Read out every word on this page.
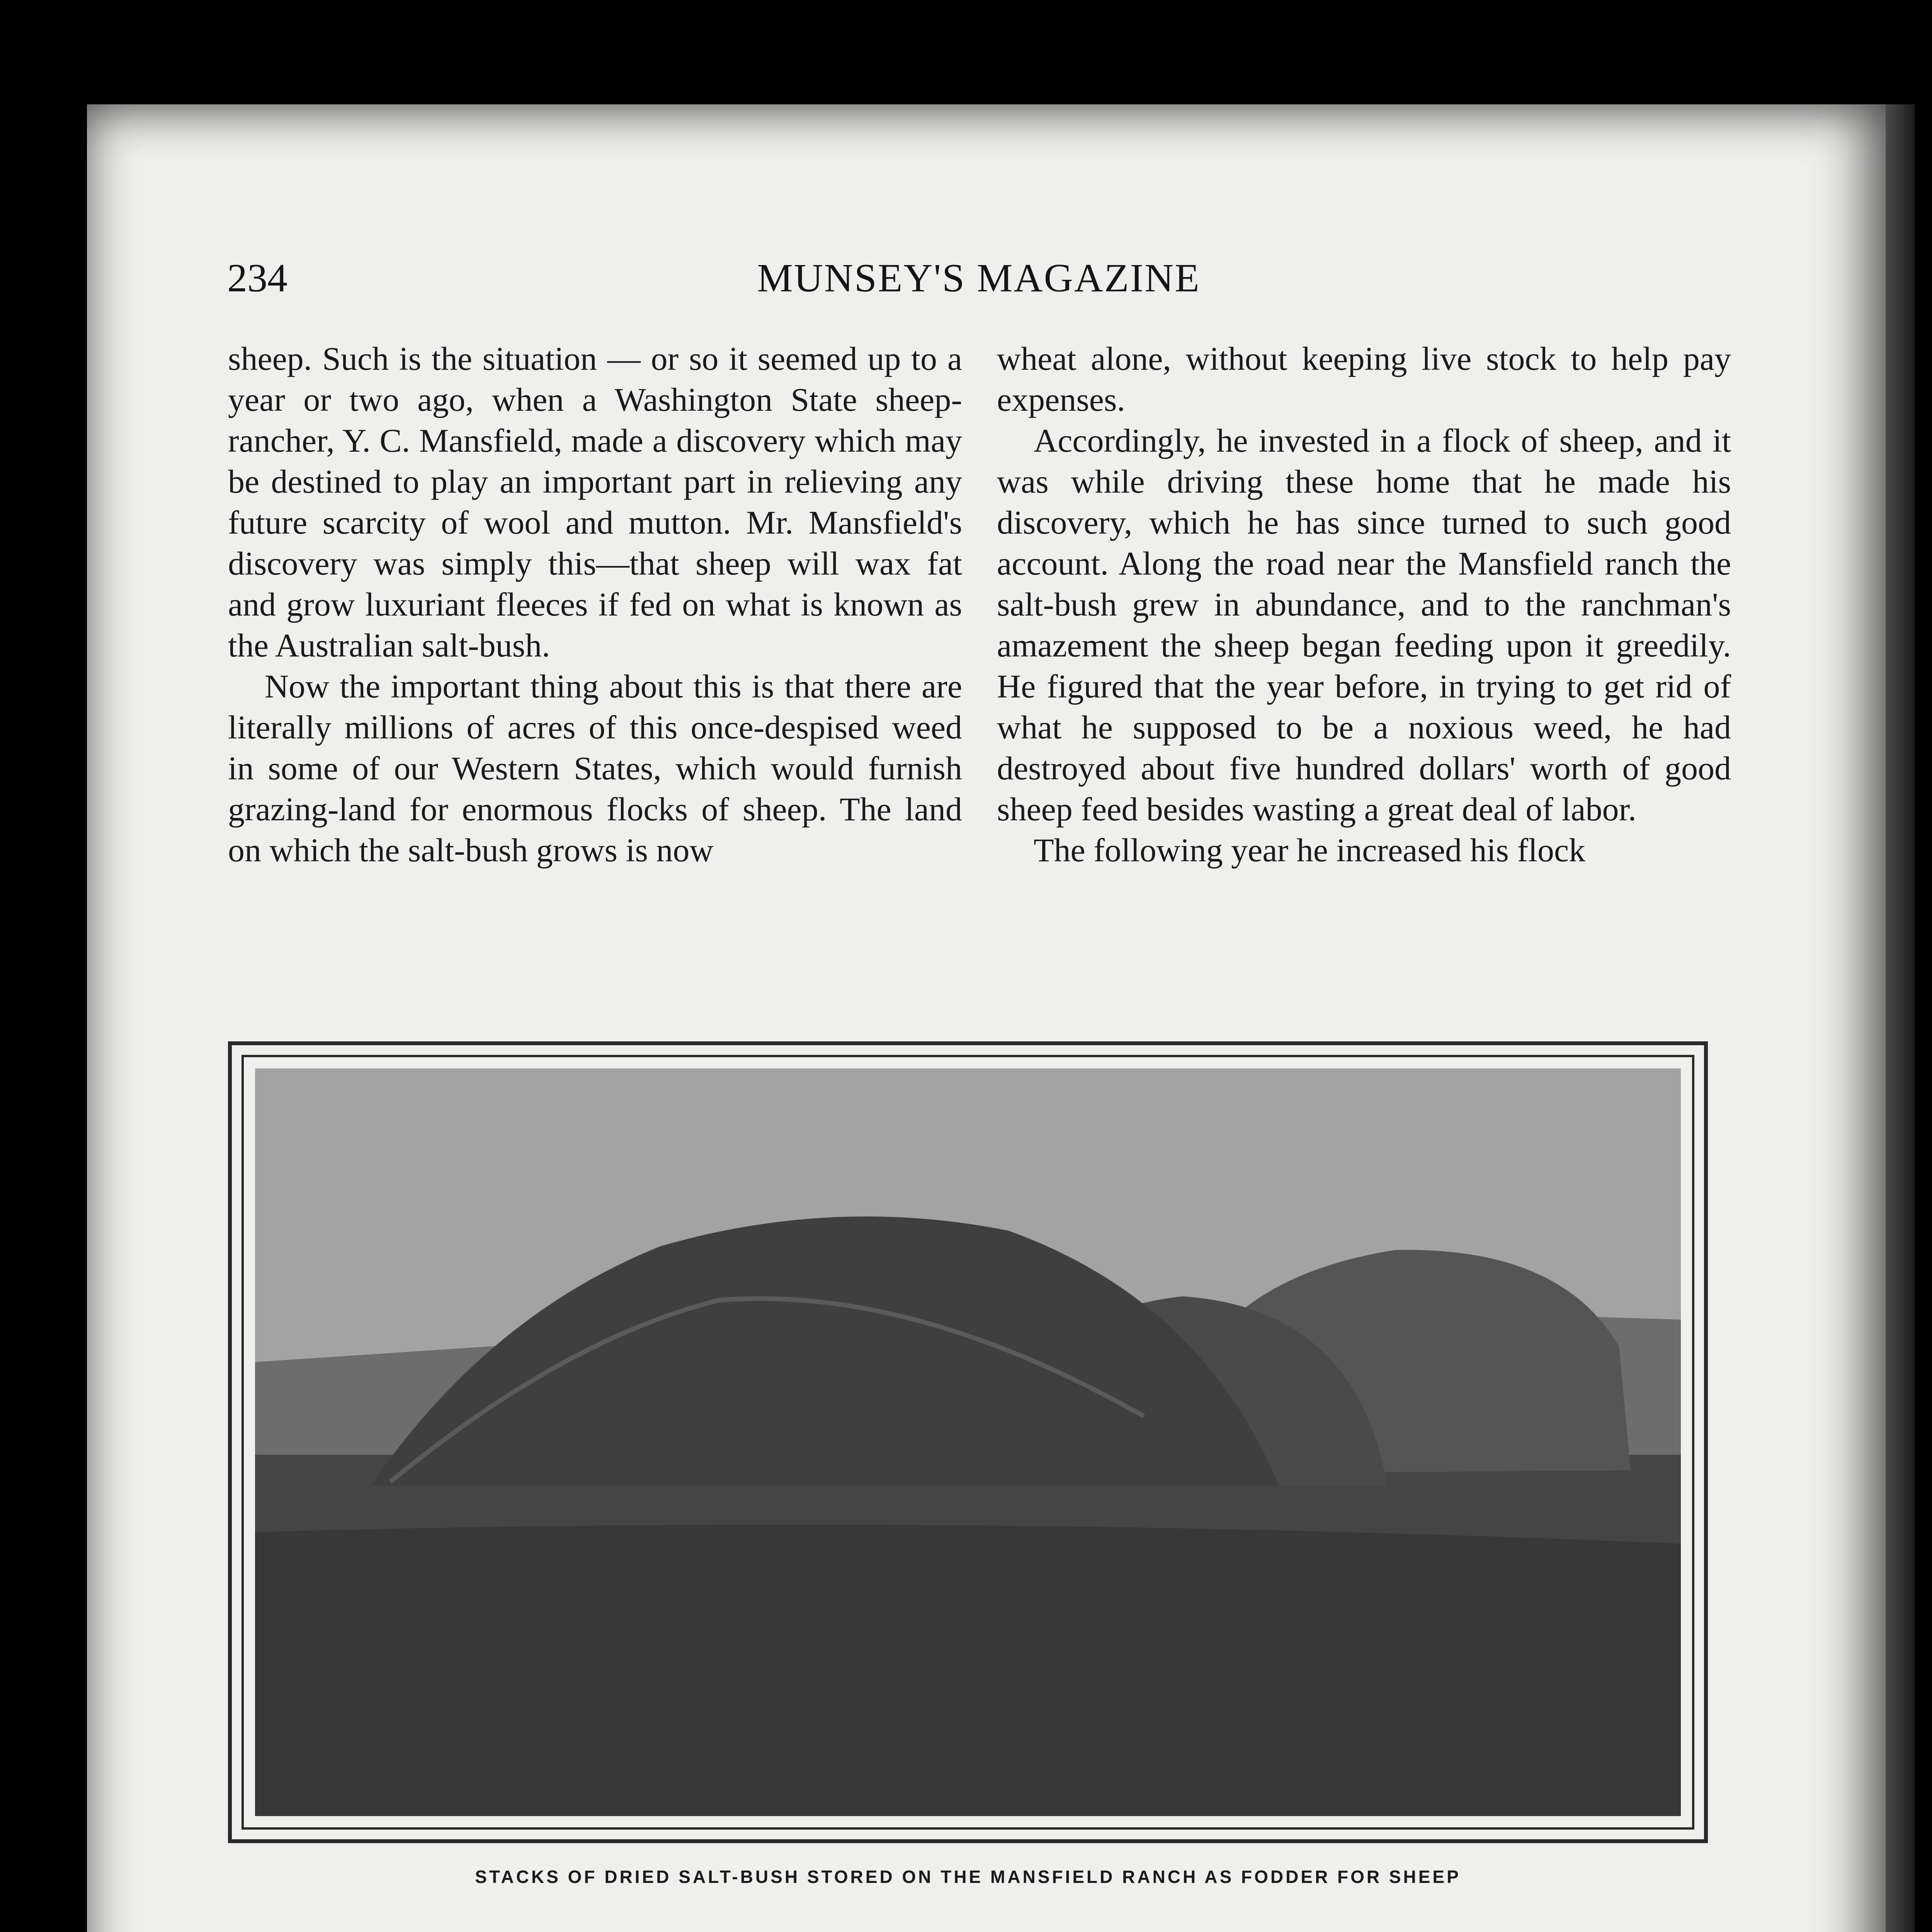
234	MUNSEY'S MAGAZINE

sheep. Such is the situation — or so it seemed up to a year or two ago, when a Washington State sheep-rancher, Y. C. Mansfield, made a discovery which may be destined to play an important part in relieving any future scarcity of wool and mutton. Mr. Mansfield's discovery was simply this—that sheep will wax fat and grow luxuriant fleeces if fed on what is known as the Australian salt-bush.

Now the important thing about this is that there are literally millions of acres of this once-despised weed in some of our Western States, which would furnish grazing-land for enormous flocks of sheep. The land on which the salt-bush grows is now

wheat alone, without keeping live stock to help pay expenses.

Accordingly, he invested in a flock of sheep, and it was while driving these home that he made his discovery, which he has since turned to such good account. Along the road near the Mansfield ranch the salt-bush grew in abundance, and to the ranchman's amazement the sheep began feeding upon it greedily. He figured that the year before, in trying to get rid of what he supposed to be a noxious weed, he had destroyed about five hundred dollars' worth of good sheep feed besides wasting a great deal of labor.

The following year he increased his flock

STACKS OF DRIED SALT-BUSH STORED ON THE MANSFIELD RANCH AS FODDER FOR SHEEP
